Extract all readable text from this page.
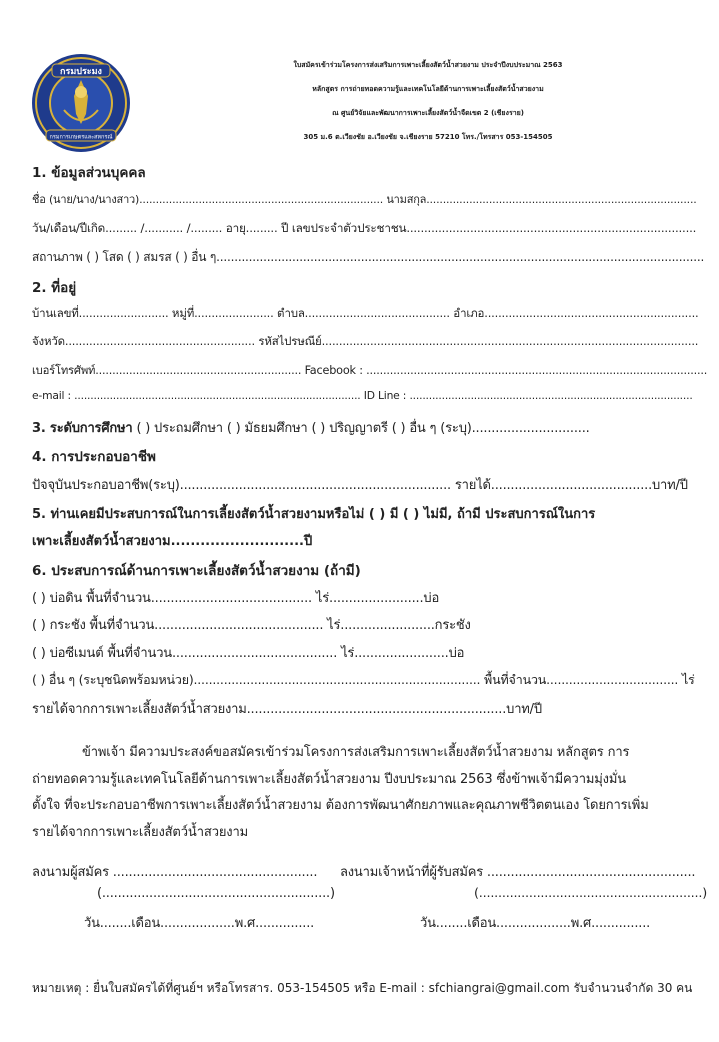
กรมประมง
กรมการเกษตรและสหกรณ์
ใบสมัครเข้าร่วมโครงการส่งเสริมการเพาะเลี้ยงสัตว์น้ำสวยงาม ประจำปีงบประมาณ 2563
หลักสูตร การถ่ายทอดความรู้และเทคโนโลยีด้านการเพาะเลี้ยงสัตว์น้ำสวยงาม
ณ ศูนย์วิจัยและพัฒนาการเพาะเลี้ยงสัตว์น้ำจืดเขต 2 (เชียงราย)
305 ม.6 ต.เวียงชัย อ.เวียงชัย จ.เชียงราย 57210 โทร./โทรสาร 053-154505
1. ข้อมูลส่วนบุคคล
ชื่อ (นาย/นาง/นางสาว).......................................................................... นามสกุล..................................................................................
วัน/เดือน/ปีเกิด......... /........... /......... อายุ......... ปี เลขประจำตัวประชาชน..................................................................................
สถานภาพ ( ) โสด ( ) สมรส ( ) อื่น ๆ.......................................................................................................................................
2. ที่อยู่
บ้านเลขที่.......................... หมู่ที่....................... ตำบล.......................................... อำเภอ..............................................................
จังหวัด....................................................... รหัสไปรษณีย์.............................................................................................................
เบอร์โทรศัพท์............................................................. Facebook : .....................................................................................................
e-mail : ......................................................................................... ID Line : ........................................................................................
3. ระดับการศึกษา ( ) ประถมศึกษา ( ) มัธยมศึกษา ( ) ปริญญาตรี ( ) อื่น ๆ (ระบุ)..............................
4. การประกอบอาชีพ
ปัจจุบันประกอบอาชีพ(ระบุ)..................................................................... รายได้.........................................บาท/ปี
5. ท่านเคยมีประสบการณ์ในการเลี้ยงสัตว์น้ำสวยงามหรือไม่ ( ) มี ( ) ไม่มี, ถ้ามี ประสบการณ์ในการ
เพาะเลี้ยงสัตว์น้ำสวยงาม...........................ปี
6. ประสบการณ์ด้านการเพาะเลี้ยงสัตว์น้ำสวยงาม (ถ้ามี)
( ) บ่อดิน พื้นที่จำนวน......................................... ไร่........................บ่อ
( ) กระชัง พื้นที่จำนวน........................................... ไร่........................กระชัง
( ) บ่อซีเมนต์ พื้นที่จำนวน.......................................... ไร่........................บ่อ
( ) อื่น ๆ (ระบุชนิดพร้อมหน่วย)............................................................................ พื้นที่จำนวน................................... ไร่
รายได้จากการเพาะเลี้ยงสัตว์น้ำสวยงาม..................................................................บาท/ปี
ข้าพเจ้า มีความประสงค์ขอสมัครเข้าร่วมโครงการส่งเสริมการเพาะเลี้ยงสัตว์น้ำสวยงาม หลักสูตร การ
ถ่ายทอดความรู้และเทคโนโลยีด้านการเพาะเลี้ยงสัตว์น้ำสวยงาม ปีงบประมาณ 2563 ซึ่งข้าพเจ้ามีความมุ่งมั่น
ตั้งใจ ที่จะประกอบอาชีพการเพาะเลี้ยงสัตว์น้ำสวยงาม ต้องการพัฒนาศักยภาพและคุณภาพชีวิตตนเอง โดยการเพิ่ม
รายได้จากการเพาะเลี้ยงสัตว์น้ำสวยงาม
ลงนามผู้สมัคร .................................................... ลงนามเจ้าหน้าที่ผู้รับสมัคร .....................................................
(..........................................................)	(..........................................................)
วัน........เดือน...................พ.ศ...............	วัน........เดือน...................พ.ศ...............
หมายเหตุ : ยื่นใบสมัครได้ที่ศูนย์ฯ หรือโทรสาร. 053-154505 หรือ E-mail : sfchiangrai@gmail.com รับจำนวนจำกัด 30 คน
